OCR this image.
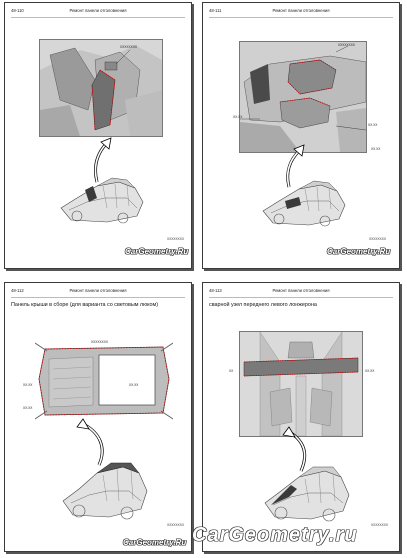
48-110	Ремонт панели отголовнения
XXXXXXXX
XXXXXXXX
CarGeometry.Ru
48-111	Ремонт панели отголовнения
XXXXXXXX
XX.XX
XX.XX
XX.XX
XXXXXXXX
CarGeometry.Ru
48-112	Ремонт панели отголовнения
Панель крыши в сборе (для варианта со световым люком)
XXXXXXXX
XX.XX
XX.XX
XX.XX
XXXXXXXX
CarGeometry.Ru
48-113	Ремонт панели отголовнения
сварной узел переднего левого лонжерона
XX	XX.XX
XXXXXXXX
CarGeometry.ru
